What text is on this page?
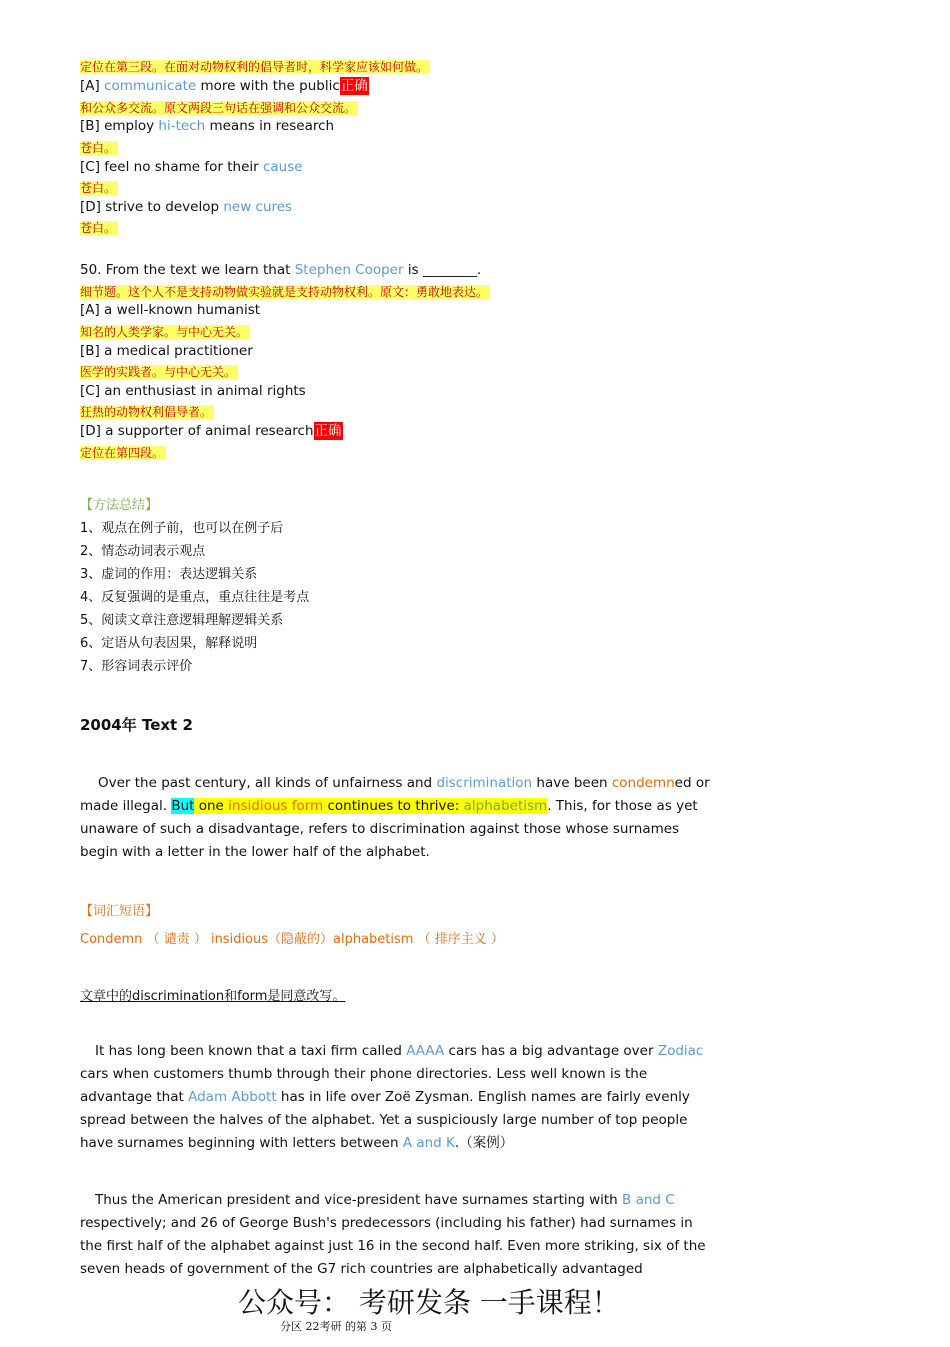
定位在第三段。在面对动物权利的倡导者时，科学家应该如何做。
[A] communicate more with the public正确
和公众多交流。原文两段三句话在强调和公众交流。
[B] employ hi-tech means in research
苍白。
[C] feel no shame for their cause
苍白。
[D] strive to develop new cures
苍白。
50. From the text we learn that Stephen Cooper is ________.
细节题。这个人不是支持动物做实验就是支持动物权利。原文：勇敢地表达。
[A] a well-known humanist
知名的人类学家。与中心无关。
[B] a medical practitioner
医学的实践者。与中心无关。
[C] an enthusiast in animal rights
狂热的动物权利倡导者。
[D] a supporter of animal research正确
定位在第四段。
【方法总结】
1、观点在例子前，也可以在例子后
2、情态动词表示观点
3、虚词的作用：表达逻辑关系
4、反复强调的是重点，重点往往是考点
5、阅读文章注意逻辑理解逻辑关系
6、定语从句表因果，解释说明
7、形容词表示评价
2004年 Text 2
Over the past century, all kinds of unfairness and discrimination have been condemned or
made illegal. But one insidious form continues to thrive: alphabetism. This, for those as yet
unaware of such a disadvantage, refers to discrimination against those whose surnames
begin with a letter in the lower half of the alphabet.
【词汇短语】
Condemn （ 谴责 ） insidious（隐蔽的）alphabetism （ 排序主义 ）
文章中的discrimination和form是同意改写。
It has long been known that a taxi firm called AAAA cars has a big advantage over Zodiac
cars when customers thumb through their phone directories. Less well known is the
advantage that Adam Abbott has in life over Zoë Zysman. English names are fairly evenly
spread between the halves of the alphabet. Yet a suspiciously large number of top people
have surnames beginning with letters between A and K.（案例）
Thus the American president and vice-president have surnames starting with B and C
respectively; and 26 of George Bush's predecessors (including his father) had surnames in
the first half of the alphabet against just 16 in the second half. Even more striking, six of the
seven heads of government of the G7 rich countries are alphabetically advantaged
公众号： 考研发条 一手课程！
分区 22考研 的第 3 页
